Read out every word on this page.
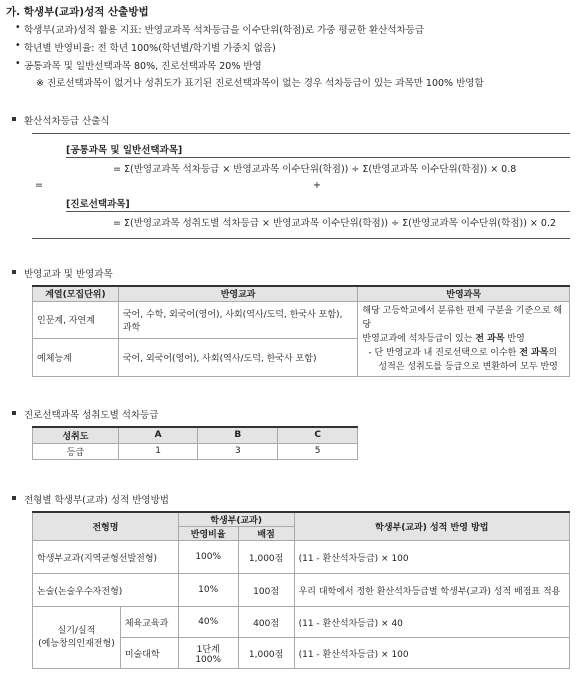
가. 학생부(교과)성적 산출방법
• 학생부(교과)성적 활용 지표: 반영교과목 석차등급을 이수단위(학점)로 가중 평균한 환산석차등급
• 학년별 반영비율: 전 학년 100%(학년별/학기별 가중치 없음)
• 공통과목 및 일반선택과목 80%, 진로선택과목 20% 반영
※ 진로선택과목이 없거나 성취도가 표기된 진로선택과목이 없는 경우 석차등급이 있는 과목만 100% 반영함
환산석차등급 산출식
=
[공통과목 및 일반선택과목]
= Σ(반영교과목 석차등급 × 반영교과목 이수단위(학점)) ÷ Σ(반영교과목 이수단위(학점)) × 0.8
+
[진로선택과목]
= Σ(반영교과목 성취도별 석차등급 × 반영교과목 이수단위(학점)) ÷ Σ(반영교과목 이수단위(학점)) × 0.2
반영교과 및 반영과목
계열(모집단위)	반영교과	반영과목
인문계, 자연계	국어, 수학, 외국어(영어), 사회(역사/도덕, 한국사 포함), 과학	해당 고등학교에서 분류한 편제 구분을 기준으로 해당
반영교과에 석차등급이 있는 전 과목 반영
- 단 반영교과 내 진로선택으로 이수한 전 과목의
성적은 성취도를 등급으로 변환하여 모두 반영

예체능계	국어, 외국어(영어), 사회(역사/도덕, 한국사 포함)	
진로선택과목 성취도별 석차등급
성취도	A	B	C
등급	1	3	5
전형별 학생부(교과) 성적 반영방법
전형명		학생부(교과)		학생부(교과) 성적 반영 방법
		반영비율	배점	
학생부교과(지역균형선발전형)		100%	1,000점	(11 - 환산석차등급) × 100
논술(논술우수자전형)		10%	100점	우리 대학에서 정한 환산석차등급별 학생부(교과) 성적 배점표 적용

실기/실적
(예능창의인재전형)	체육교육과	40%	400점	(11 - 환산석차등급) × 40
	미술대학	1단계 100%	1,000점	(11 - 환산석차등급) × 100
